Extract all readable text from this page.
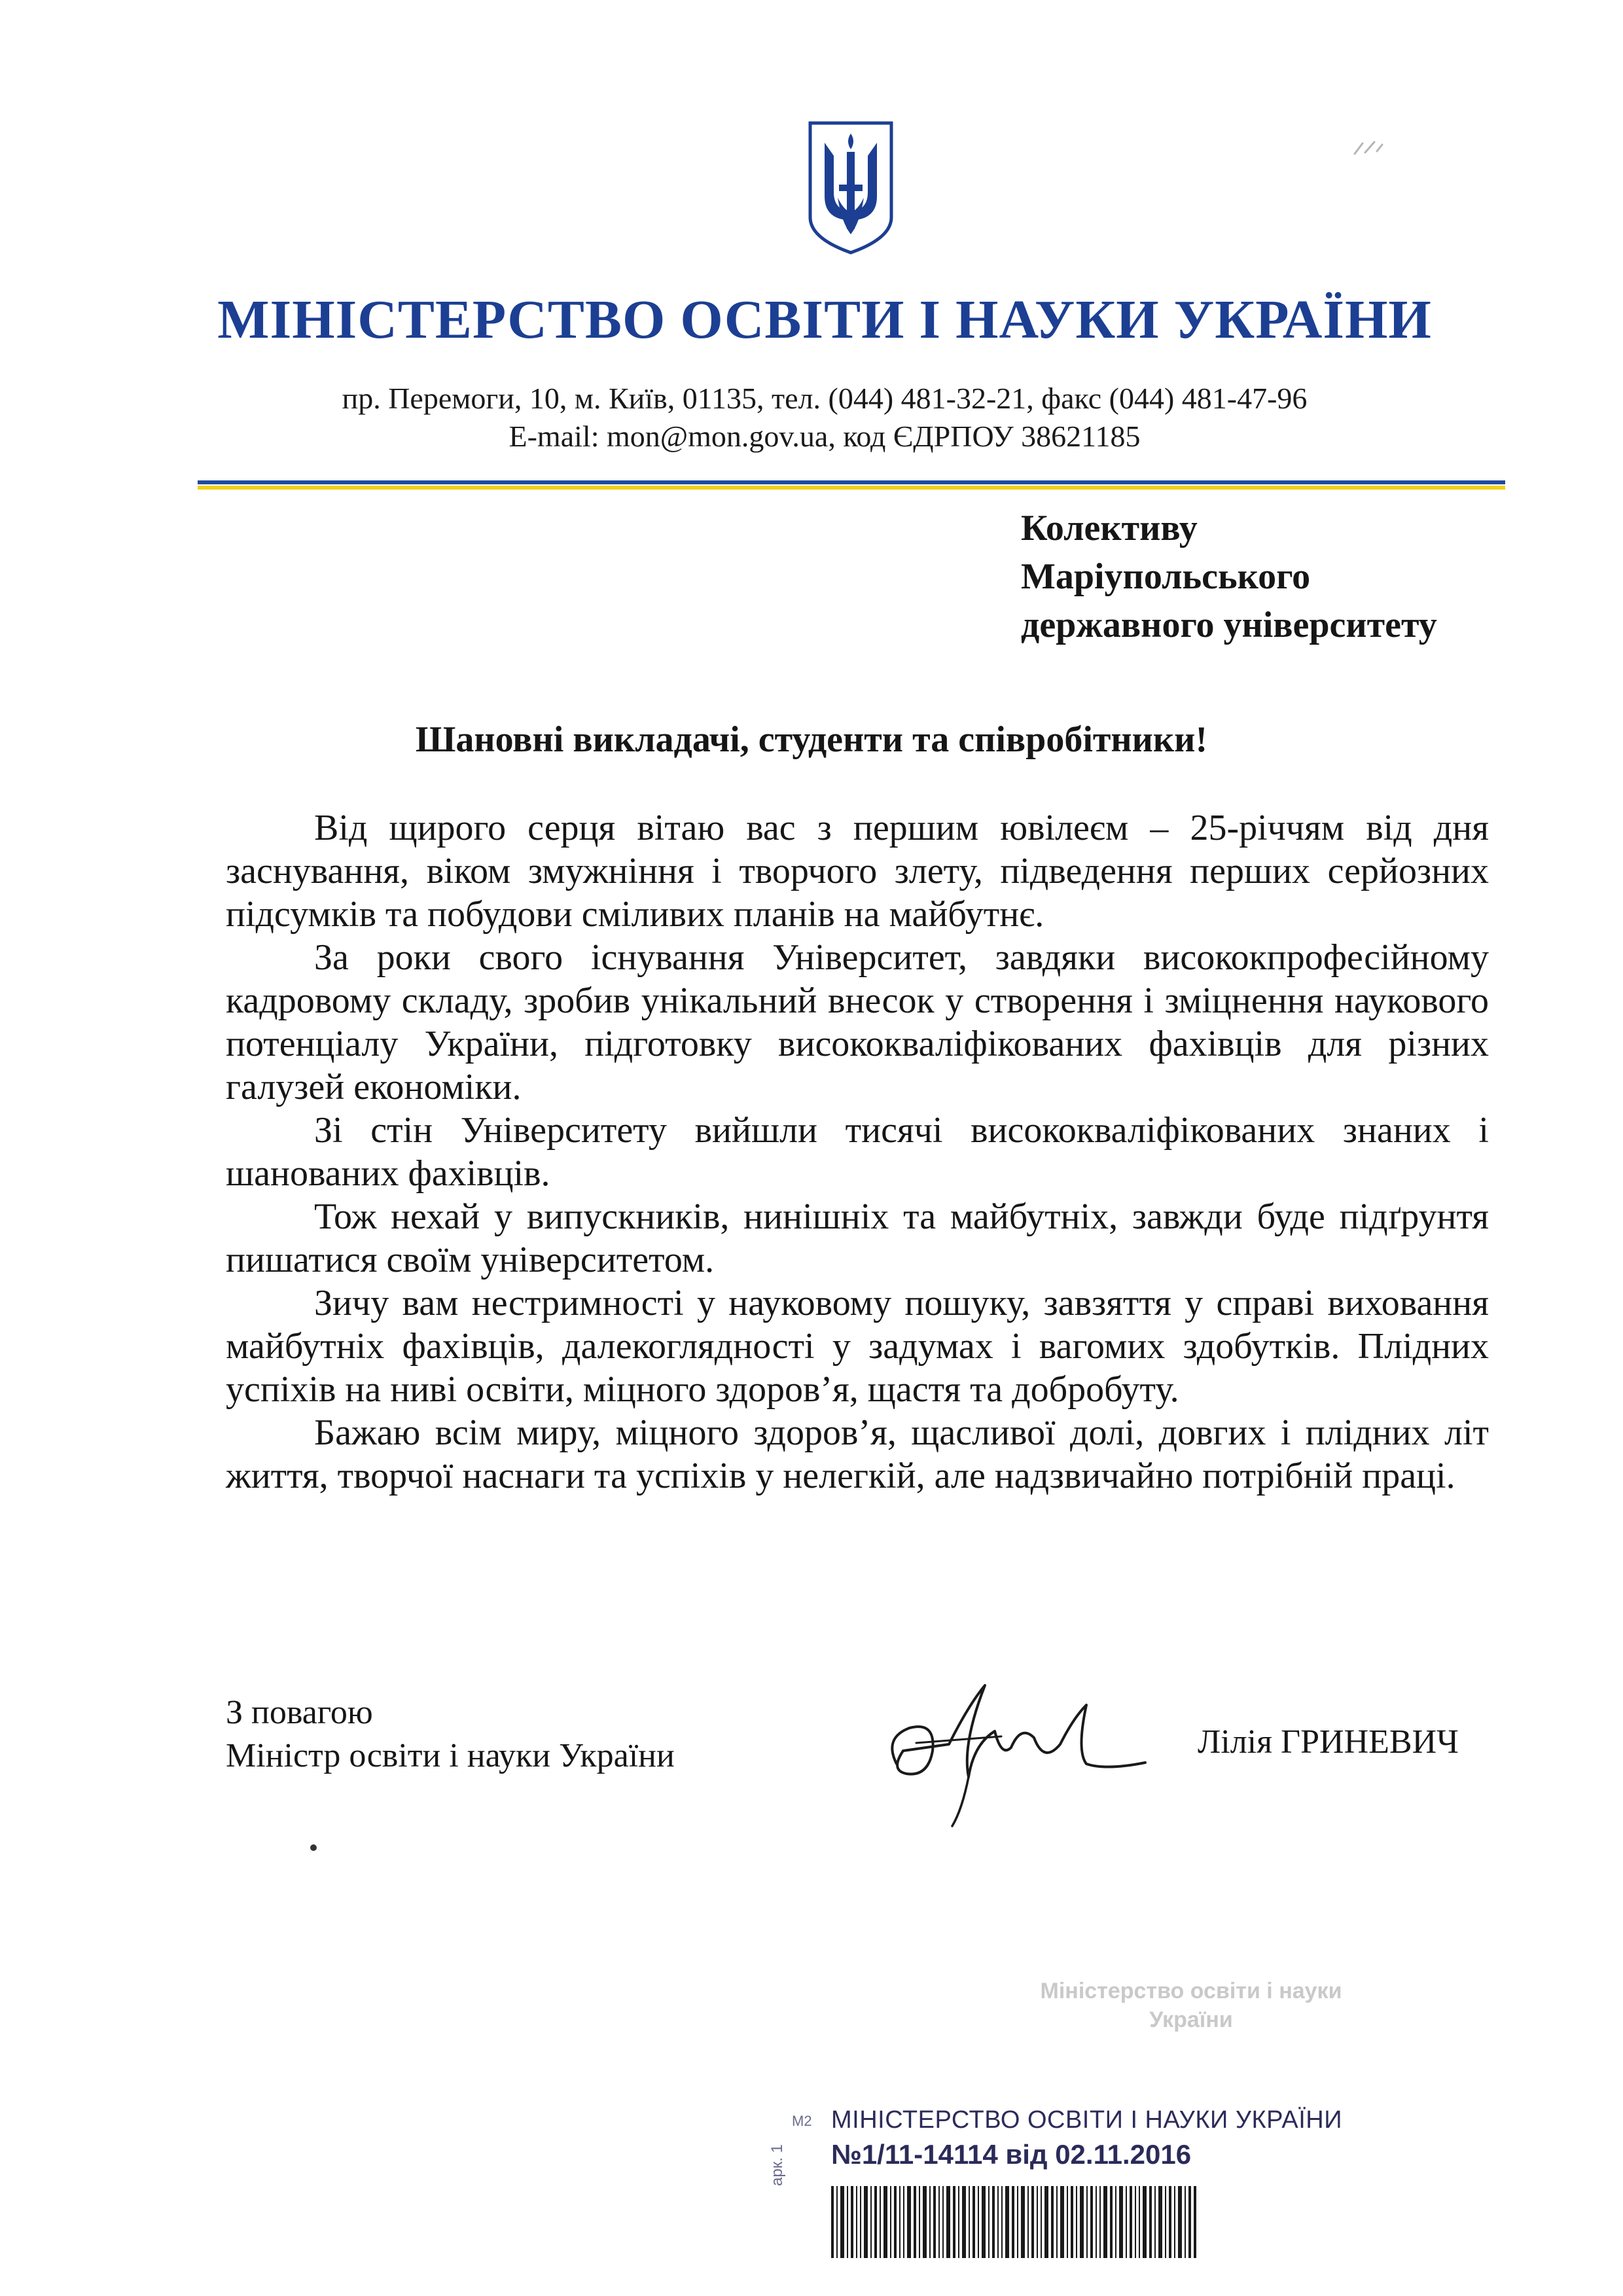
МІНІСТЕРСТВО ОСВІТИ І НАУКИ УКРАЇНИ
пр. Перемоги, 10, м. Київ, 01135, тел. (044) 481-32-21, факс (044) 481-47-96
E-mail: mon@mon.gov.ua, код ЄДРПОУ 38621185
Колективу
Маріупольського
державного університету
Шановні викладачі, студенти та співробітники!

Від щирого серця вітаю вас з першим ювілеєм – 25-річчям від дня заснування, віком змужніння і творчого злету, підведення перших серйозних підсумків та побудови сміливих планів на майбутнє.

За роки свого існування Університет, завдяки висококпрофесійному кадровому складу, зробив унікальний внесок у створення і зміцнення наукового потенціалу України, підготовку висококваліфікованих фахівців для різних галузей економіки.

Зі стін Університету вийшли тисячі висококваліфікованих знаних і шанованих фахівців.

Тож нехай у випускників, нинішніх та майбутніх, завжди буде підґрунтя пишатися своїм університетом.

Зичу вам нестримності у науковому пошуку, завзяття у справі виховання майбутніх фахівців, далекоглядності у задумах і вагомих здобутків. Плідних успіхів на ниві освіти, міцного здоров’я, щастя та добробуту.

Бажаю всім миру, міцного здоров’я, щасливої долі, довгих і плідних літ життя, творчої наснаги та успіхів у нелегкій, але надзвичайно потрібній праці.

З повагою
Міністр освіти і науки України	Лілія ГРИНЕВИЧ
Міністерство освіти і науки
України
М2 МІНІСТЕРСТВО ОСВІТИ І НАУКИ УКРАЇНИ
№1/11-14114 від 02.11.2016
арк. 1
